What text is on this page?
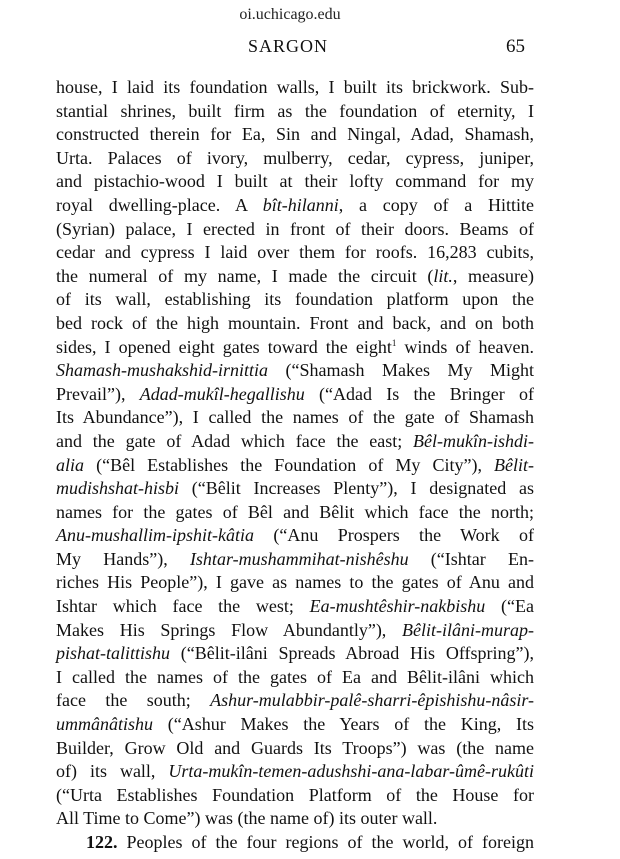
oi.uchicago.edu
SARGON	65
house, I laid its foundation walls, I built its brickwork. Sub-
stantial shrines, built firm as the foundation of eternity, I
constructed therein for Ea, Sin and Ningal, Adad, Shamash,
Urta. Palaces of ivory, mulberry, cedar, cypress, juniper,
and pistachio-wood I built at their lofty command for my
royal dwelling-place. A bît-hilanni, a copy of a Hittite
(Syrian) palace, I erected in front of their doors. Beams of
cedar and cypress I laid over them for roofs. 16,283 cubits,
the numeral of my name, I made the circuit (lit., measure)
of its wall, establishing its foundation platform upon the
bed rock of the high mountain. Front and back, and on both
sides, I opened eight gates toward the eight$^1$ winds of heaven.
Shamash-mushakshid-irnittia (“Shamash Makes My Might
Prevail”), Adad-mukîl-hegallishu (“Adad Is the Bringer of
Its Abundance”), I called the names of the gate of Shamash
and the gate of Adad which face the east; Bêl-mukîn-ishdi-
alia (“Bêl Establishes the Foundation of My City”), Bêlit-
mudishshat-hisbi (“Bêlit Increases Plenty”), I designated as
names for the gates of Bêl and Bêlit which face the north;
Anu-mushallim-ipshit-kâtia (“Anu Prospers the Work of
My Hands”), Ishtar-mushammihat-nishêshu (“Ishtar En-
riches His People”), I gave as names to the gates of Anu and
Ishtar which face the west; Ea-mushtêshir-nakbishu (“Ea
Makes His Springs Flow Abundantly”), Bêlit-ilâni-murap-
pishat-talittishu (“Bêlit-ilâni Spreads Abroad His Offspring”),
I called the names of the gates of Ea and Bêlit-ilâni which
face the south; Ashur-mulabbir-palê-sharri-êpishishu-nâsir-
ummânâtishu (“Ashur Makes the Years of the King, Its
Builder, Grow Old and Guards Its Troops”) was (the name
of) its wall, Urta-mukîn-temen-adushshi-ana-labar-ûmê-rukûti
(“Urta Establishes Foundation Platform of the House for
All Time to Come”) was (the name of) its outer wall.
122. Peoples of the four regions of the world, of foreign
